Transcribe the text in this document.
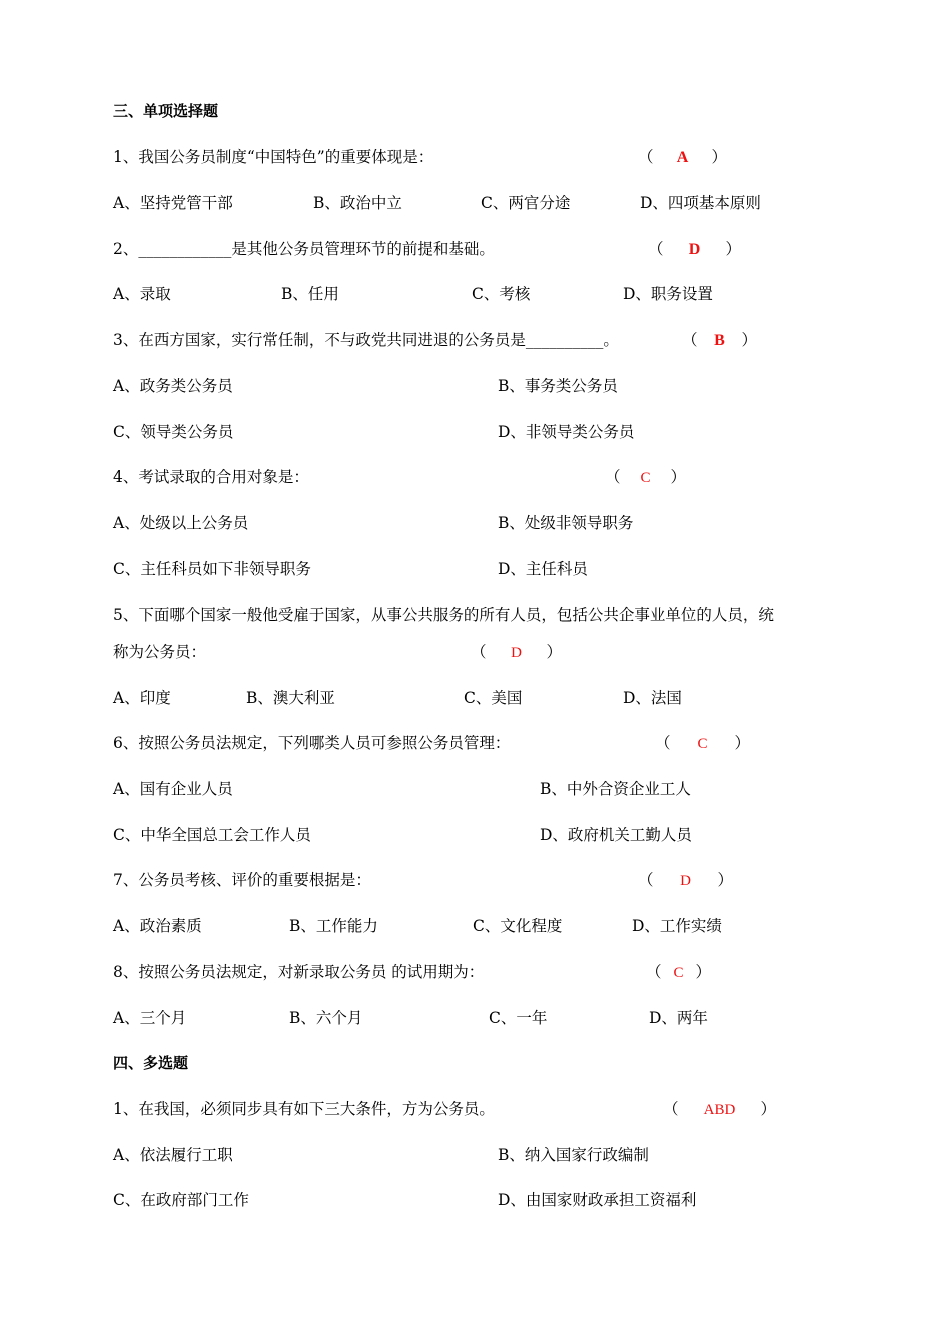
三、单项选择题
1、我国公务员制度“中国特色”的重要体现是：	（ A ）
A、坚持党管干部	B、政治中立	C、两官分途	D、四项基本原则
2、____________是其他公务员管理环节的前提和基础。	（ D ）
A、录取	B、任用	C、考核	D、职务设置
3、在西方国家，实行常任制，不与政党共同进退的公务员是__________。	（ B ）
A、政务类公务员	B、事务类公务员
C、领导类公务员	D、非领导类公务员
4、考试录取的合用对象是：	（ C ）
A、处级以上公务员	B、处级非领导职务
C、主任科员如下非领导职务	D、主任科员
5、下面哪个国家一般他受雇于国家，从事公共服务的所有人员，包括公共企事业单位的人员，统
称为公务员：	（ D ）
A、印度	B、澳大利亚	C、美国	D、法国
6、按照公务员法规定，下列哪类人员可参照公务员管理：	（ C ）
A、国有企业人员	B、中外合资企业工人
C、中华全国总工会工作人员	D、政府机关工勤人员
7、公务员考核、评价的重要根据是：	（ D ）
A、政治素质	B、工作能力	C、文化程度	D、工作实绩
8、按照公务员法规定，对新录取公务员 的试用期为：	（ C ）
A、三个月	B、六个月	C、一年	D、两年
四、多选题
1、在我国，必须同步具有如下三大条件，方为公务员。	（ ABD ）
A、依法履行工职	B、纳入国家行政编制
C、在政府部门工作	D、由国家财政承担工资福利
